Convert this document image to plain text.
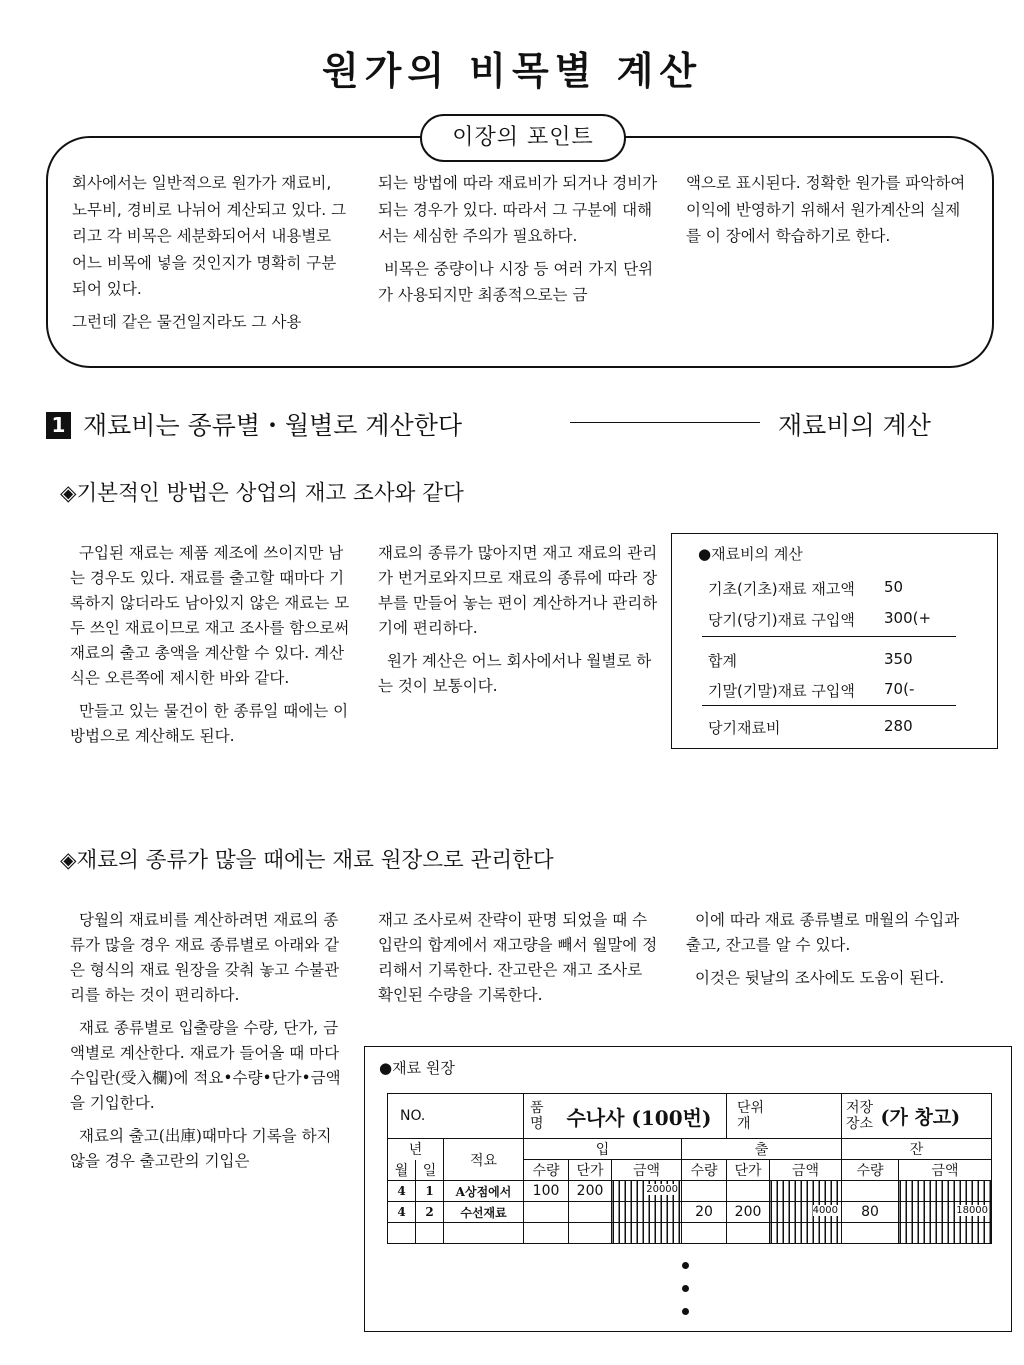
원가의 비목별 계산
이장의 포인트

회사에서는 일반적으로 원가가 재료비, 노무비, 경비로 나뉘어 계산되고 있다. 그리고 각 비목은 세분화되어서 내용별로 어느 비목에 넣을 것인지가 명확히 구분되어 있다.

그런데 같은 물건일지라도 그 사용

되는 방법에 따라 재료비가 되거나 경비가 되는 경우가 있다. 따라서 그 구분에 대해서는 세심한 주의가 필요하다.

비목은 중량이나 시장 등 여러 가지 단위가 사용되지만 최종적으로는 금

액으로 표시된다. 정확한 원가를 파악하여 이익에 반영하기 위해서 원가계산의 실제를 이 장에서 학습하기로 한다.

1 재료비는 종류별・월별로 계산한다	재료비의 계산
◈기본적인 방법은 상업의 재고 조사와 같다

구입된 재료는 제품 제조에 쓰이지만 남는 경우도 있다. 재료를 출고할 때마다 기록하지 않더라도 남아있지 않은 재료는 모두 쓰인 재료이므로 재고 조사를 함으로써 재료의 출고 총액을 계산할 수 있다. 계산식은 오른쪽에 제시한 바와 같다.

만들고 있는 물건이 한 종류일 때에는 이 방법으로 계산해도 된다.

재료의 종류가 많아지면 재고 재료의 관리가 번거로와지므로 재료의 종류에 따라 장부를 만들어 놓는 편이 계산하거나 관리하기에 편리하다.

원가 계산은 어느 회사에서나 월별로 하는 것이 보통이다.

●재료비의 계산
기초(기초)재료 재고액 50
당기(당기)재료 구입액 300(+
합계	350
기말(기말)재료 구입액 70(-
당기재료비	280
◈재료의 종류가 많을 때에는 재료 원장으로 관리한다

당월의 재료비를 계산하려면 재료의 종류가 많을 경우 재료 종류별로 아래와 같은 형식의 재료 원장을 갖춰 놓고 수불관리를 하는 것이 편리하다.

재료 종류별로 입출량을 수량, 단가, 금액별로 계산한다. 재료가 들어올 때 마다 수입란(受入欄)에 적요•수량•단가•금액을 기입한다.

재료의 출고(出庫)때마다 기록을 하지 않을 경우 출고란의 기입은

재고 조사로써 잔략이 판명 되었을 때 수입란의 합계에서 재고량을 빼서 월말에 정리해서 기록한다. 잔고란은 재고 조사로 확인된 수량을 기록한다.

이에 따라 재료 종류별로 매월의 수입과 출고, 잔고를 알 수 있다.

이것은 뒷날의 조사에도 도움이 된다.

●재료 원장
NO.			품명 수나사 (100번)				단위
개		저장장소 (가 창고)	
년		적요	입			출			잔	
월	일		수량	단가	금액	수량	단가	금액	수량	금액
4	1	A상점에서	100	200	20000					

4	2	수선재료				20	200	4000	80	18000
